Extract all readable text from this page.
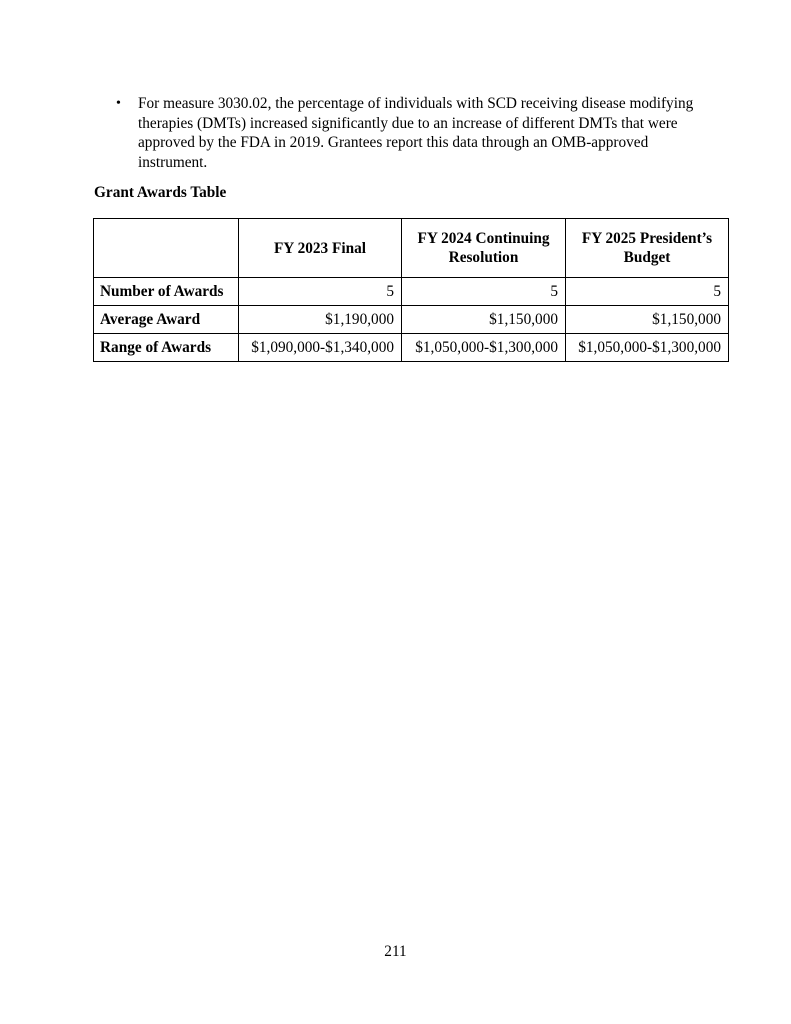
•	For measure 3030.02, the percentage of individuals with SCD receiving disease modifying therapies (DMTs) increased significantly due to an increase of different DMTs that were approved by the FDA in 2019. Grantees report this data through an OMB-approved instrument.

Grant Awards Table
	FY 2023 Final	FY 2024 Continuing Resolution	FY 2025 President’s Budget
Number of Awards	5	5	5
Average Award	$1,190,000	$1,150,000	$1,150,000
Range of Awards	$1,090,000-$1,340,000	$1,050,000-$1,300,000	$1,050,000-$1,300,000

211
